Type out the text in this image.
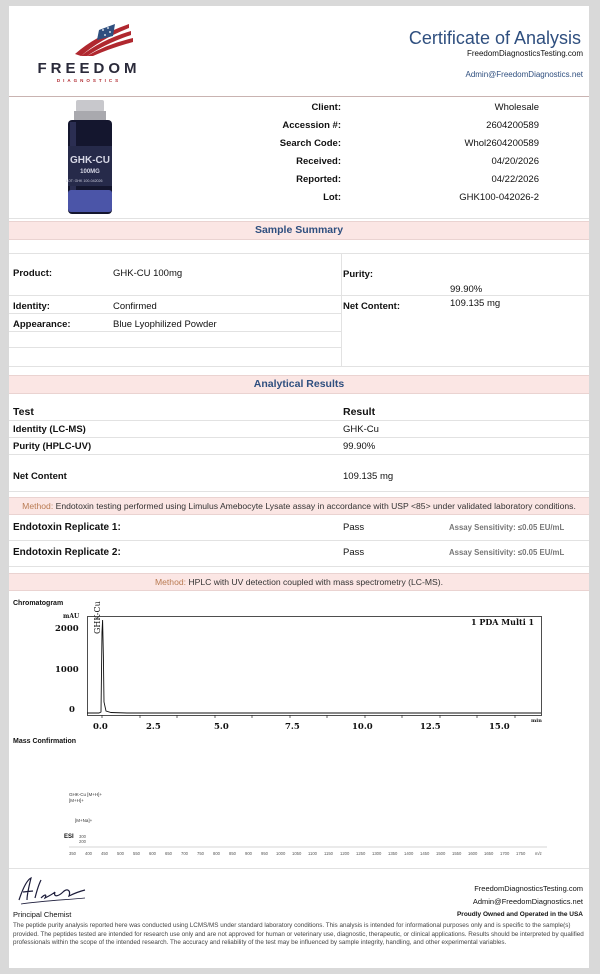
FREEDOM
DIAGNOSTICS
Certificate of Analysis
FreedomDiagnosticsTesting.com
Admin@FreedomDiagnostics.net
GHK-CU
100MG
LOT: GHK 100-042026
Client:	Wholesale
Accession #:	2604200589
Search Code:	Whol2604200589
Received:	04/20/2026
Reported:	04/22/2026
Lot:	GHK100-042026-2
Sample Summary
Product:	GHK-CU 100mg
Identity:	Confirmed
Appearance:	Blue Lyophilized Powder
Purity:
99.90%
Net Content:	109.135 mg
Analytical Results
Test	Result
Identity (LC-MS)	GHK-Cu
Purity (HPLC-UV)	99.90%
Net Content	109.135 mg
Method: Endotoxin testing performed using Limulus Amebocyte Lysate assay in accordance with USP <85> under validated laboratory conditions.
Endotoxin Replicate 1:	Pass	Assay Sensitivity: ≤0.05 EU/mL
Endotoxin Replicate 2:	Pass	Assay Sensitivity: ≤0.05 EU/mL
Method: HPLC with UV detection coupled with mass spectrometry (LC-MS).
Chromatogram
mAU
1 PDA Multi 1
2000
1000
0
GHK-Cu
0.0	2.5	5.0	7.5	10.0	12.5	15.0
min
Mass Confirmation
GHK-Cu [M+H]+
[M+H]+
[M+Na]+
ESI 300
200
350 400 450 500 550 600 650 700 750 800 850 900 950 1000 1050 1100 1150 1200 1250 1300 1350 1400 1450 1500 1550 1600 1650 1700 1750 m/z
Principal Chemist
FreedomDiagnosticsTesting.com
Admin@FreedomDiagnostics.net
Proudly Owned and Operated in the USA
The peptide purity analysis reported here was conducted using LCMS/MS under standard laboratory conditions. This analysis is intended for informational purposes only and is specific to the sample(s) provided. The peptides tested are intended for research use only and are not approved for human or veterinary use, diagnostic, therapeutic, or clinical applications. Results should be interpreted by qualified professionals within the scope of the intended research. The accuracy and reliability of the test may be influenced by sample integrity, handling, and other experimental variables.
